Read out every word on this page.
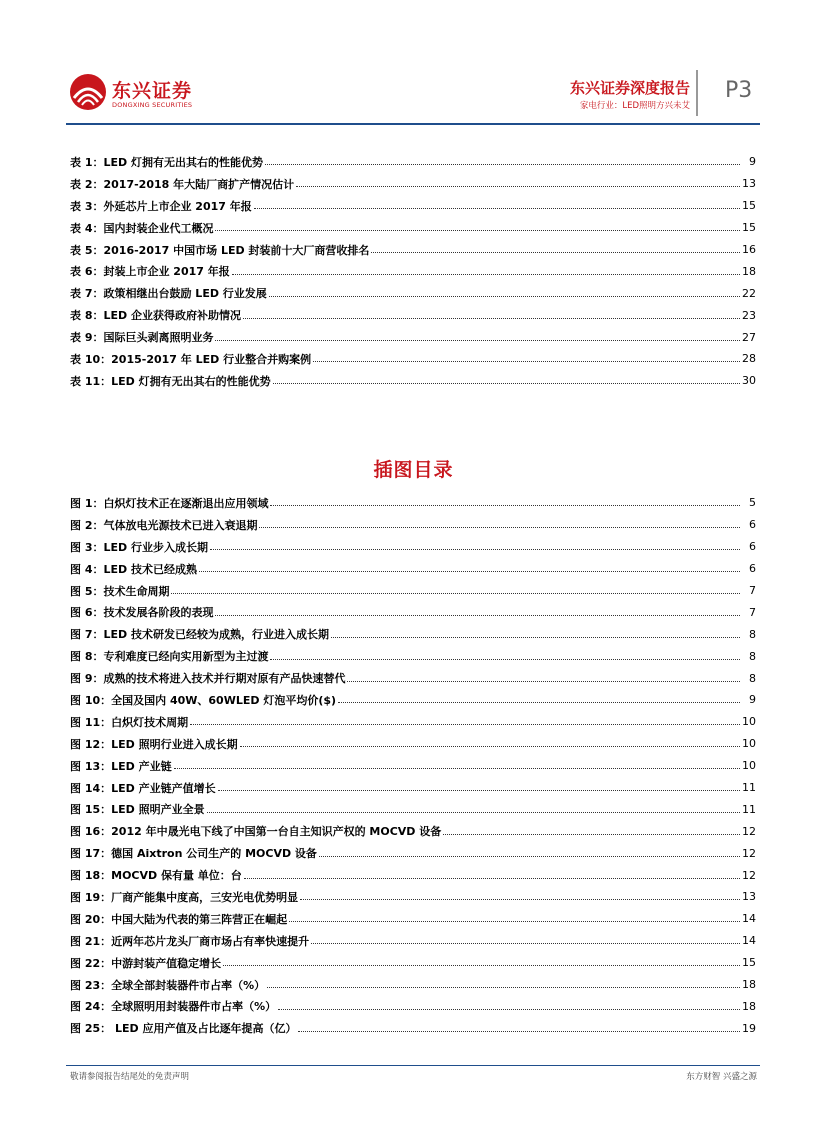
东兴证券
DONGXING SECURITIES
东兴证券深度报告
家电行业：LED照明方兴未艾
P3
表 1：LED 灯拥有无出其右的性能优势	9
表 2：2017-2018 年大陆厂商扩产情况估计	13
表 3：外延芯片上市企业 2017 年报	15
表 4：国内封装企业代工概况	15
表 5：2016-2017 中国市场 LED 封装前十大厂商营收排名	16
表 6：封装上市企业 2017 年报	18
表 7：政策相继出台鼓励 LED 行业发展	22
表 8：LED 企业获得政府补助情况	23
表 9：国际巨头剥离照明业务	27
表 10：2015-2017 年 LED 行业整合并购案例	28
表 11：LED 灯拥有无出其右的性能优势	30
插图目录
图 1：白炽灯技术正在逐渐退出应用领域	5
图 2：气体放电光源技术已进入衰退期	6
图 3：LED 行业步入成长期	6
图 4：LED 技术已经成熟	6
图 5：技术生命周期	7
图 6：技术发展各阶段的表现	7
图 7：LED 技术研发已经较为成熟，行业进入成长期	8
图 8：专利难度已经向实用新型为主过渡	8
图 9：成熟的技术将进入技术并行期对原有产品快速替代	8
图 10：全国及国内 40W、60WLED 灯泡平均价($)	9
图 11：白炽灯技术周期	10
图 12：LED 照明行业进入成长期	10
图 13：LED 产业链	10
图 14：LED 产业链产值增长	11
图 15：LED 照明产业全景	11
图 16：2012 年中晟光电下线了中国第一台自主知识产权的 MOCVD 设备	12
图 17：德国 Aixtron 公司生产的 MOCVD 设备	12
图 18：MOCVD 保有量 单位：台	12
图 19：厂商产能集中度高，三安光电优势明显	13
图 20：中国大陆为代表的第三阵营正在崛起	14
图 21：近两年芯片龙头厂商市场占有率快速提升	14
图 22：中游封装产值稳定增长	15
图 23：全球全部封装器件市占率（%）	18
图 24：全球照明用封装器件市占率（%）	18
图 25： LED 应用产值及占比逐年提高（亿）	19
敬请参阅报告结尾处的免责声明	东方财智 兴盛之源
